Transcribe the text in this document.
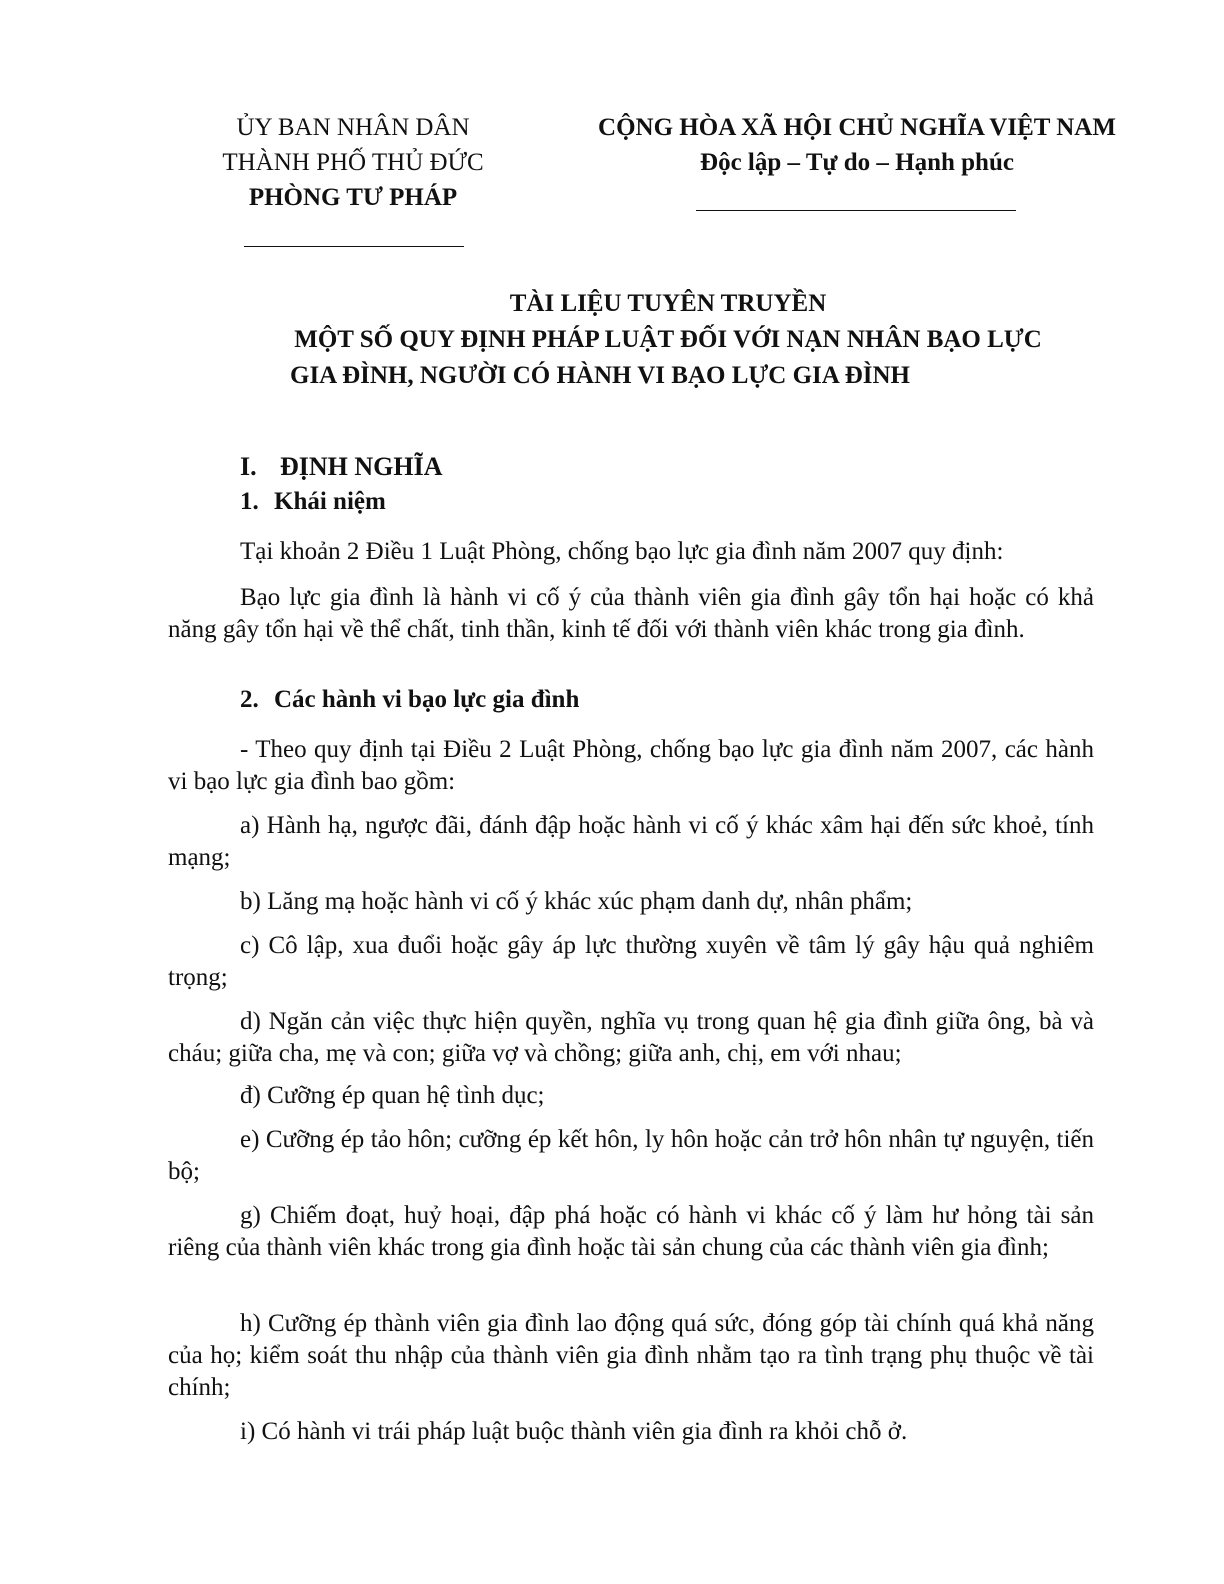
ỦY BAN NHÂN DÂN
THÀNH PHỐ THỦ ĐỨC
PHÒNG TƯ PHÁP
CỘNG HÒA XÃ HỘI CHỦ NGHĨA VIỆT NAM
Độc lập – Tự do – Hạnh phúc
TÀI LIỆU TUYÊN TRUYỀN
MỘT SỐ QUY ĐỊNH PHÁP LUẬT ĐỐI VỚI NẠN NHÂN BẠO LỰC
GIA ĐÌNH, NGƯỜI CÓ HÀNH VI BẠO LỰC GIA ĐÌNH
I. ĐỊNH NGHĨA
1. Khái niệm
Tại khoản 2 Điều 1 Luật Phòng, chống bạo lực gia đình năm 2007 quy định:
Bạo lực gia đình là hành vi cố ý của thành viên gia đình gây tổn hại hoặc có khả năng gây tổn hại về thể chất, tinh thần, kinh tế đối với thành viên khác trong gia đình.
2. Các hành vi bạo lực gia đình
- Theo quy định tại Điều 2 Luật Phòng, chống bạo lực gia đình năm 2007, các hành vi bạo lực gia đình bao gồm:
a) Hành hạ, ngược đãi, đánh đập hoặc hành vi cố ý khác xâm hại đến sức khoẻ, tính mạng;
b) Lăng mạ hoặc hành vi cố ý khác xúc phạm danh dự, nhân phẩm;
c) Cô lập, xua đuổi hoặc gây áp lực thường xuyên về tâm lý gây hậu quả nghiêm trọng;
d) Ngăn cản việc thực hiện quyền, nghĩa vụ trong quan hệ gia đình giữa ông, bà và cháu; giữa cha, mẹ và con; giữa vợ và chồng; giữa anh, chị, em với nhau;
đ) Cưỡng ép quan hệ tình dục;
e) Cưỡng ép tảo hôn; cưỡng ép kết hôn, ly hôn hoặc cản trở hôn nhân tự nguyện, tiến bộ;
g) Chiếm đoạt, huỷ hoại, đập phá hoặc có hành vi khác cố ý làm hư hỏng tài sản riêng của thành viên khác trong gia đình hoặc tài sản chung của các thành viên gia đình;
h) Cưỡng ép thành viên gia đình lao động quá sức, đóng góp tài chính quá khả năng của họ; kiểm soát thu nhập của thành viên gia đình nhằm tạo ra tình trạng phụ thuộc về tài chính;
i) Có hành vi trái pháp luật buộc thành viên gia đình ra khỏi chỗ ở.
